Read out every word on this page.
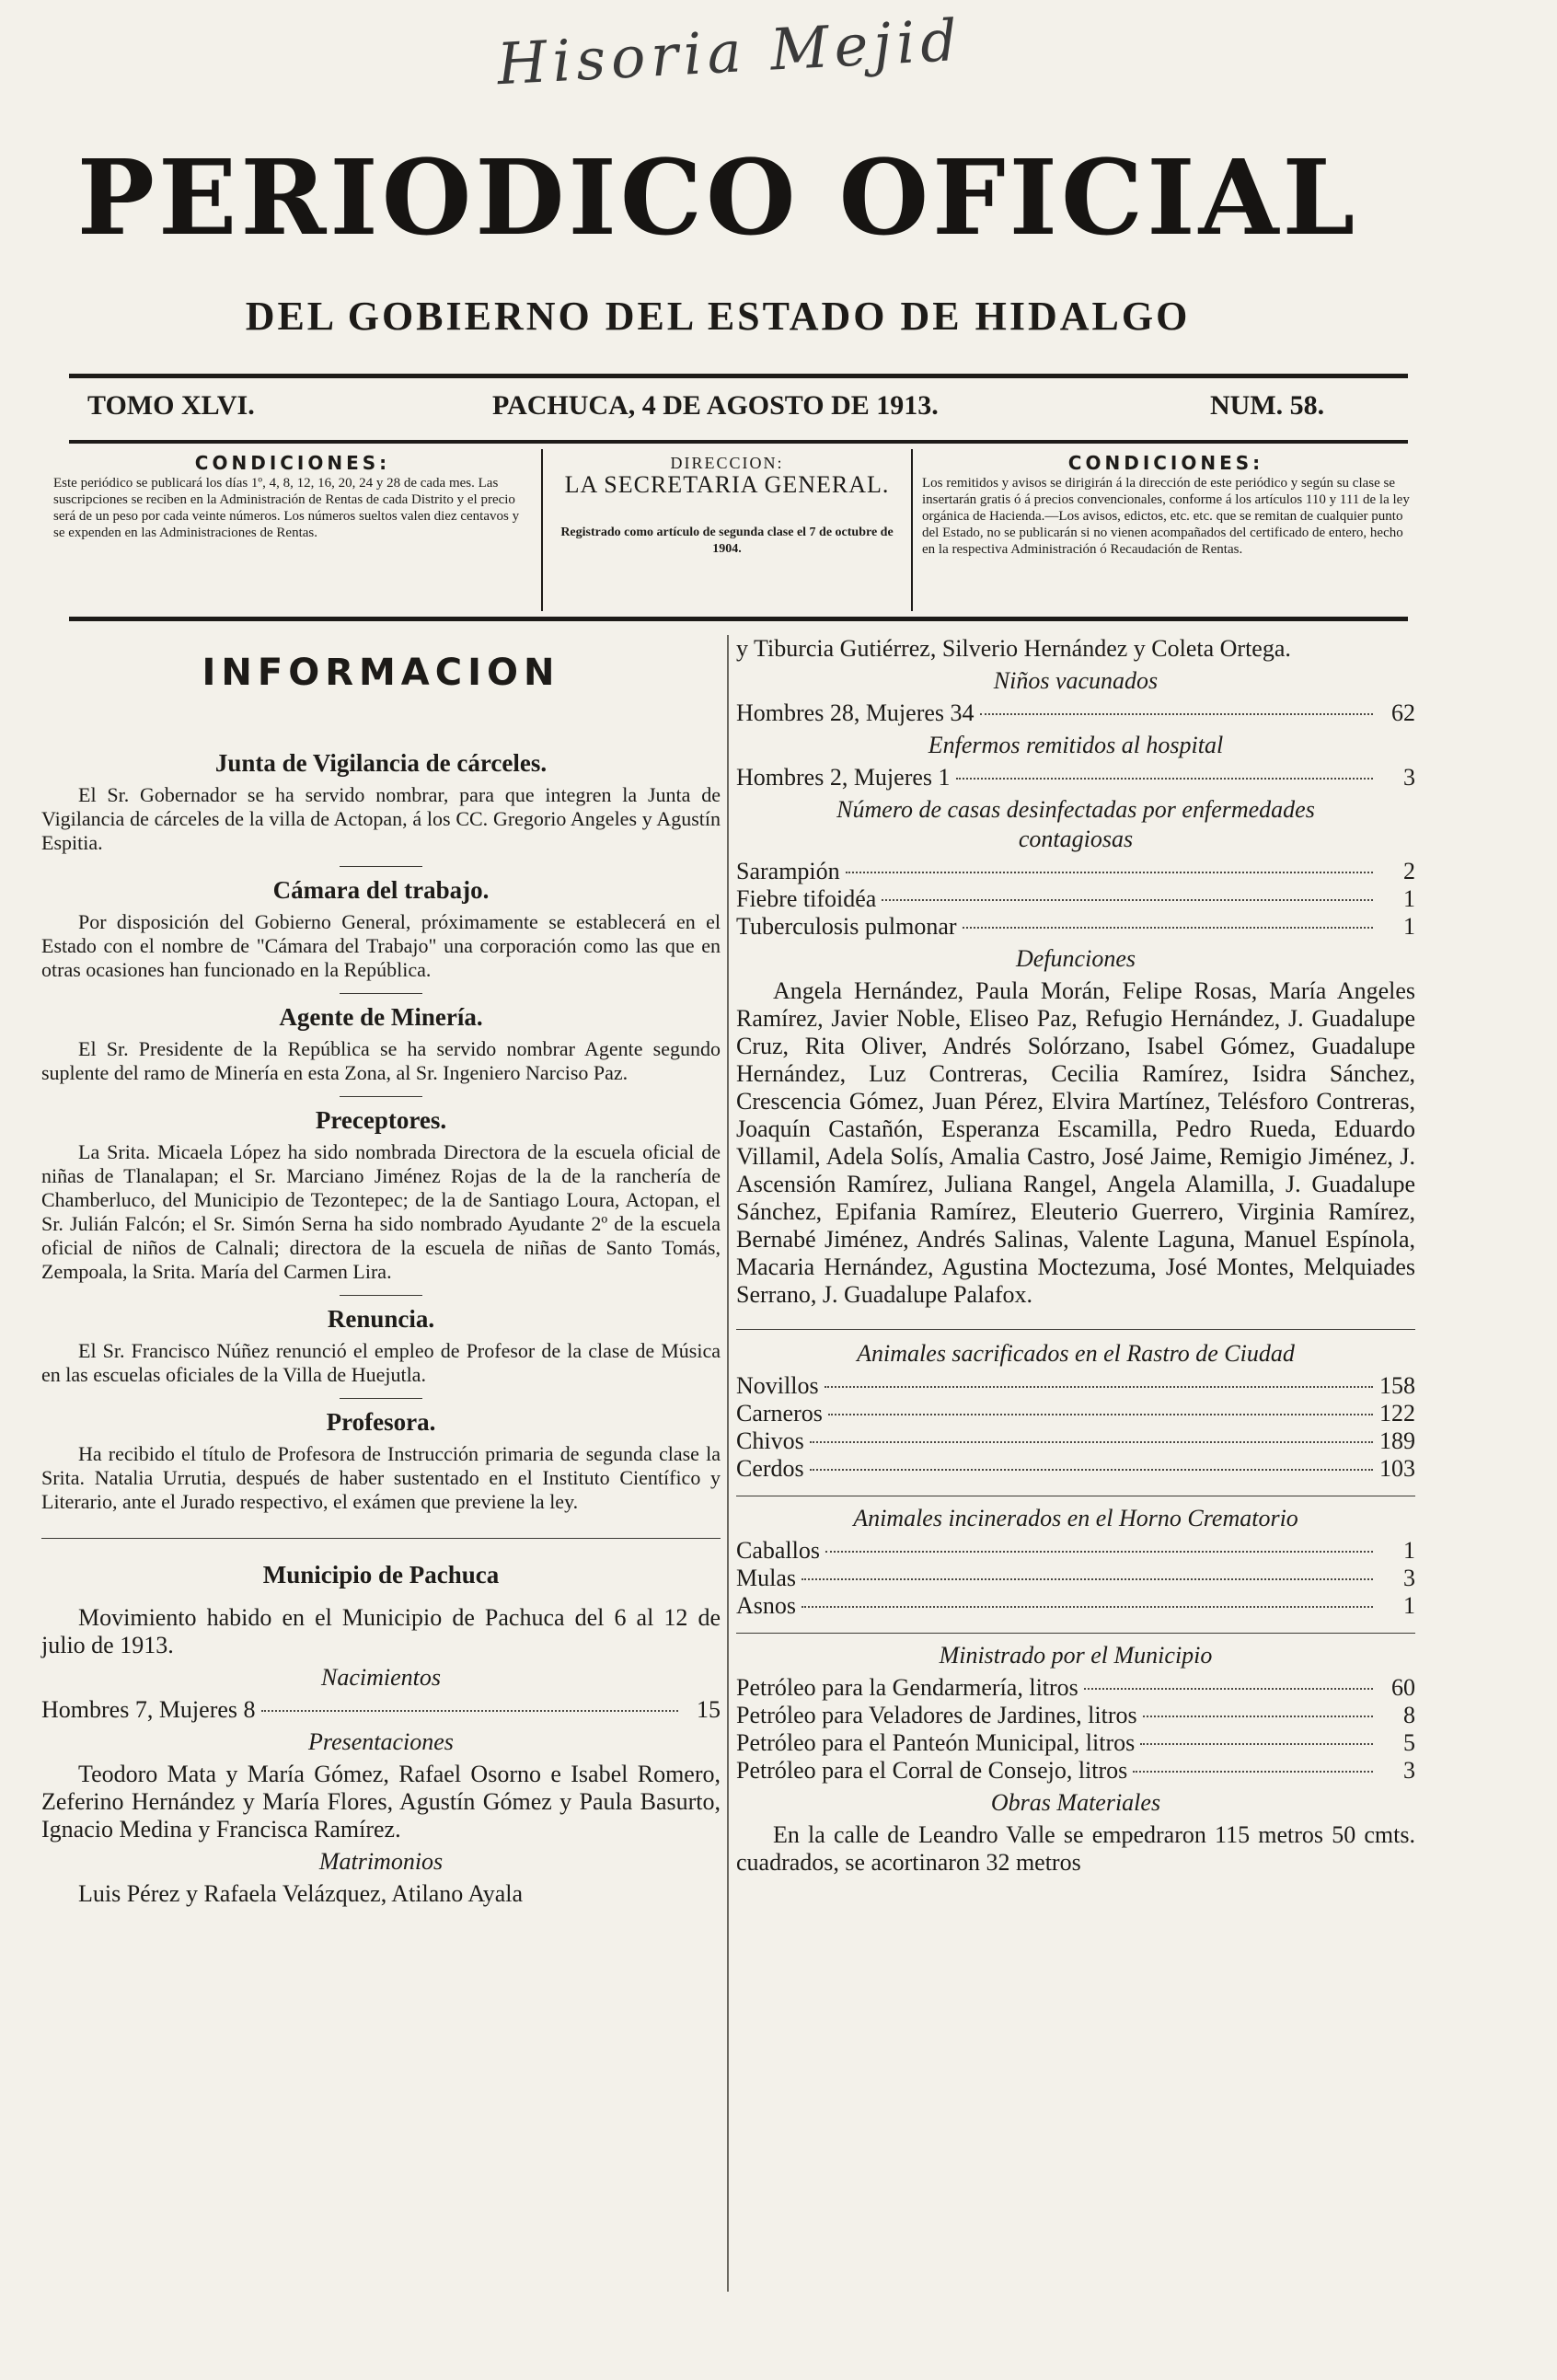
Hisoria Mejid
PERIODICO OFICIAL
DEL GOBIERNO DEL ESTADO DE HIDALGO
TOMO XLVI.	PACHUCA, 4 DE AGOSTO DE 1913.	NUM. 58.
CONDICIONES:
Este periódico se publicará los días 1º, 4, 8, 12, 16, 20, 24 y 28 de cada mes. Las suscripciones se reciben en la Administración de Rentas de cada Distrito y el precio será de un peso por cada veinte números. Los números sueltos valen diez centavos y se expenden en las Administraciones de Rentas.
DIRECCION:
LA SECRETARIA GENERAL.
Registrado como artículo de segunda clase el 7 de octubre de 1904.
CONDICIONES:
Los remitidos y avisos se dirigirán á la dirección de este periódico y según su clase se insertarán gratis ó á precios convencionales, conforme á los artículos 110 y 111 de la ley orgánica de Hacienda.—Los avisos, edictos, etc. etc. que se remitan de cualquier punto del Estado, no se publicarán si no vienen acompañados del certificado de entero, hecho en la respectiva Administración ó Recaudación de Rentas.
INFORMACION
Junta de Vigilancia de cárceles.

El Sr. Gobernador se ha servido nombrar, para que integren la Junta de Vigilancia de cárceles de la villa de Actopan, á los CC. Gregorio Angeles y Agustín Espitia.

Cámara del trabajo.

Por disposición del Gobierno General, próximamente se establecerá en el Estado con el nombre de "Cámara del Trabajo" una corporación como las que en otras ocasiones han funcionado en la República.

Agente de Minería.

El Sr. Presidente de la República se ha servido nombrar Agente segundo suplente del ramo de Minería en esta Zona, al Sr. Ingeniero Narciso Paz.

Preceptores.

La Srita. Micaela López ha sido nombrada Directora de la escuela oficial de niñas de Tlanalapan; el Sr. Marciano Jiménez Rojas de la de la ranchería de Chamberluco, del Municipio de Tezontepec; de la de Santiago Loura, Actopan, el Sr. Julián Falcón; el Sr. Simón Serna ha sido nombrado Ayudante 2º de la escuela oficial de niños de Calnali; directora de la escuela de niñas de Santo Tomás, Zempoala, la Srita. María del Carmen Lira.

Renuncia.

El Sr. Francisco Núñez renunció el empleo de Profesor de la clase de Música en las escuelas oficiales de la Villa de Huejutla.

Profesora.

Ha recibido el título de Profesora de Instrucción primaria de segunda clase la Srita. Natalia Urrutia, después de haber sustentado en el Instituto Científico y Literario, ante el Jurado respectivo, el exámen que previene la ley.

Municipio de Pachuca

Movimiento habido en el Municipio de Pachuca del 6 al 12 de julio de 1913.

Nacimientos
Hombres 7, Mujeres 8	15
Presentaciones

Teodoro Mata y María Gómez, Rafael Osorno e Isabel Romero, Zeferino Hernández y María Flores, Agustín Gómez y Paula Basurto, Ignacio Medina y Francisca Ramírez.

Matrimonios

Luis Pérez y Rafaela Velázquez, Atilano Ayala

y Tiburcia Gutiérrez, Silverio Hernández y Coleta Ortega.

Niños vacunados
Hombres 28, Mujeres 34	62
Enfermos remitidos al hospital
Hombres 2, Mujeres 1	3
Número de casas desinfectadas por enfermedades contagiosas
Sarampión	2
Fiebre tifoidéa	1
Tuberculosis pulmonar	1
Defunciones

Angela Hernández, Paula Morán, Felipe Rosas, María Angeles Ramírez, Javier Noble, Eliseo Paz, Refugio Hernández, J. Guadalupe Cruz, Rita Oliver, Andrés Solórzano, Isabel Gómez, Guadalupe Hernández, Luz Contreras, Cecilia Ramírez, Isidra Sánchez, Crescencia Gómez, Juan Pérez, Elvira Martínez, Telésforo Contreras, Joaquín Castañón, Esperanza Escamilla, Pedro Rueda, Eduardo Villamil, Adela Solís, Amalia Castro, José Jaime, Remigio Jiménez, J. Ascensión Ramírez, Juliana Rangel, Angela Alamilla, J. Guadalupe Sánchez, Epifania Ramírez, Eleuterio Guerrero, Virginia Ramírez, Bernabé Jiménez, Andrés Salinas, Valente Laguna, Manuel Espínola, Macaria Hernández, Agustina Moctezuma, José Montes, Melquiades Serrano, J. Guadalupe Palafox.

Animales sacrificados en el Rastro de Ciudad
Novillos	158
Carneros	122
Chivos	189
Cerdos	103
Animales incinerados en el Horno Crematorio
Caballos	1
Mulas	3
Asnos	1
Ministrado por el Municipio
Petróleo para la Gendarmería, litros	60
Petróleo para Veladores de Jardines, litros	8
Petróleo para el Panteón Municipal, litros	5
Petróleo para el Corral de Consejo, litros	3
Obras Materiales

En la calle de Leandro Valle se empedraron 115 metros 50 cmts. cuadrados, se acortinaron 32 metros
